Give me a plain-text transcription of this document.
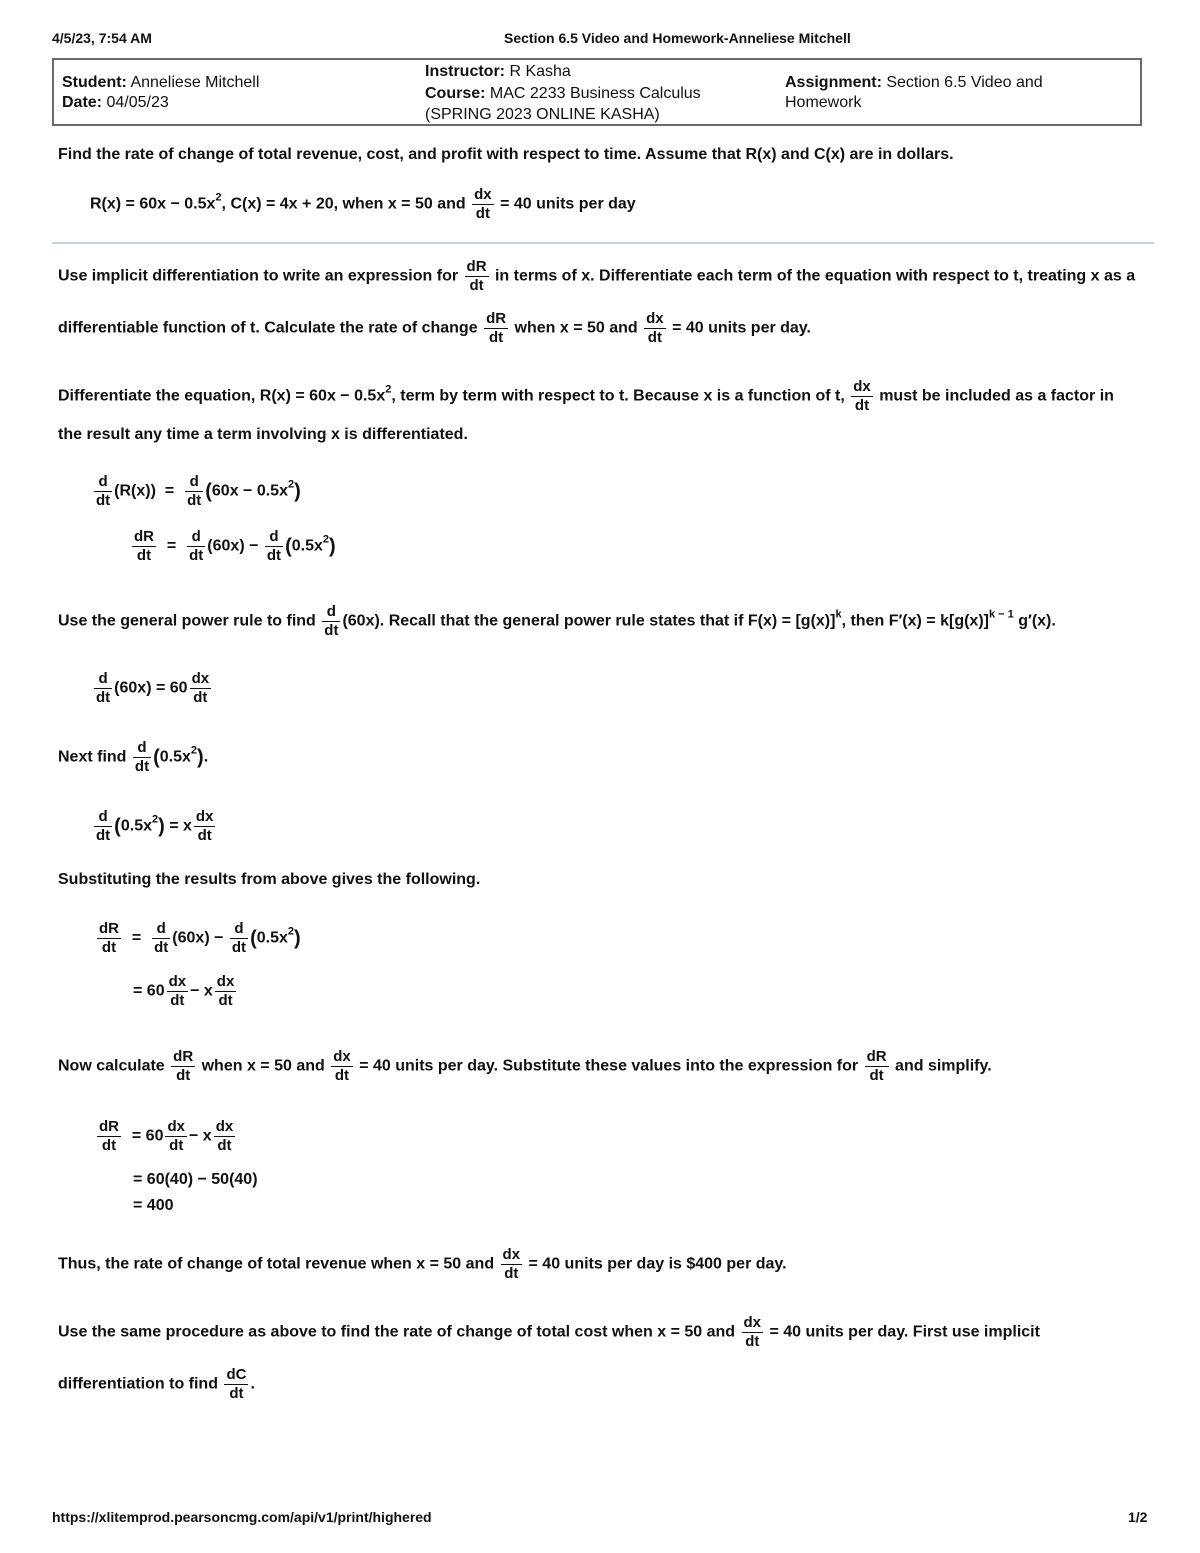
4/5/23, 7:54 AM	Section 6.5 Video and Homework-Anneliese Mitchell
Student: Anneliese Mitchell
Date: 04/05/23
Instructor: R Kasha
Course: MAC 2233 Business Calculus
(SPRING 2023 ONLINE KASHA)
Assignment: Section 6.5 Video and
Homework
Find the rate of change of total revenue, cost, and profit with respect to time. Assume that R(x) and C(x) are in dollars.
$R(x) = 60x - 0.5x^2$, C(x) = 4x + 20, when x = 50 and $\frac{dx}{dt} = 40$ units per day
Use implicit differentiation to write an expression for $\frac{dR}{dt}$ in terms of x. Differentiate each term of the equation with respect to t, treating x as a
differentiable function of t. Calculate the rate of change $\frac{dR}{dt}$ when x = 50 and $\frac{dx}{dt} = 40$ units per day.
Differentiate the equation, $R(x) = 60x - 0.5x^2$, term by term with respect to t. Because x is a function of t, $\frac{dx}{dt}$ must be included as a factor in
the result any time a term involving x is differentiated.
$\frac{d}{dt} (R(x)) = \frac{d}{dt} (60x - 0.5x^2)$
$\frac{dR}{dt} = \frac{d}{dt} (60x) - \frac{d}{dt} (0.5x^2)$
Use the general power rule to find $\frac{d}{dt} (60x)$. Recall that the general power rule states that if $F(x) = [g(x)]^k$, then $F'(x) = k[g(x)]^{k - 1}$ g′(x).
$\frac{d}{dt} (60x) = 60 \frac{dx}{dt}$
Next find $\frac{d}{dt} (0.5x^2)$.
$\frac{d}{dt} (0.5x^2) = x \frac{dx}{dt}$
Substituting the results from above gives the following.
$\frac{dR}{dt} = \frac{d}{dt} (60x) - \frac{d}{dt} (0.5x^2)$
= $60 \frac{dx}{dt} - x \frac{dx}{dt}$
Now calculate $\frac{dR}{dt}$ when x = 50 and $\frac{dx}{dt} = 40$ units per day. Substitute these values into the expression for $\frac{dR}{dt}$ and simplify.
$\frac{dR}{dt} = 60 \frac{dx}{dt} - x \frac{dx}{dt}$
= 60(40) − 50(40)
= 400
Thus, the rate of change of total revenue when x = 50 and $\frac{dx}{dt} = 40$ units per day is $400 per day.
Use the same procedure as above to find the rate of change of total cost when x = 50 and $\frac{dx}{dt} = 40$ units per day. First use implicit
differentiation to find $\frac{dC}{dt}$ .
https://xlitemprod.pearsoncmg.com/api/v1/print/highered	1/2
